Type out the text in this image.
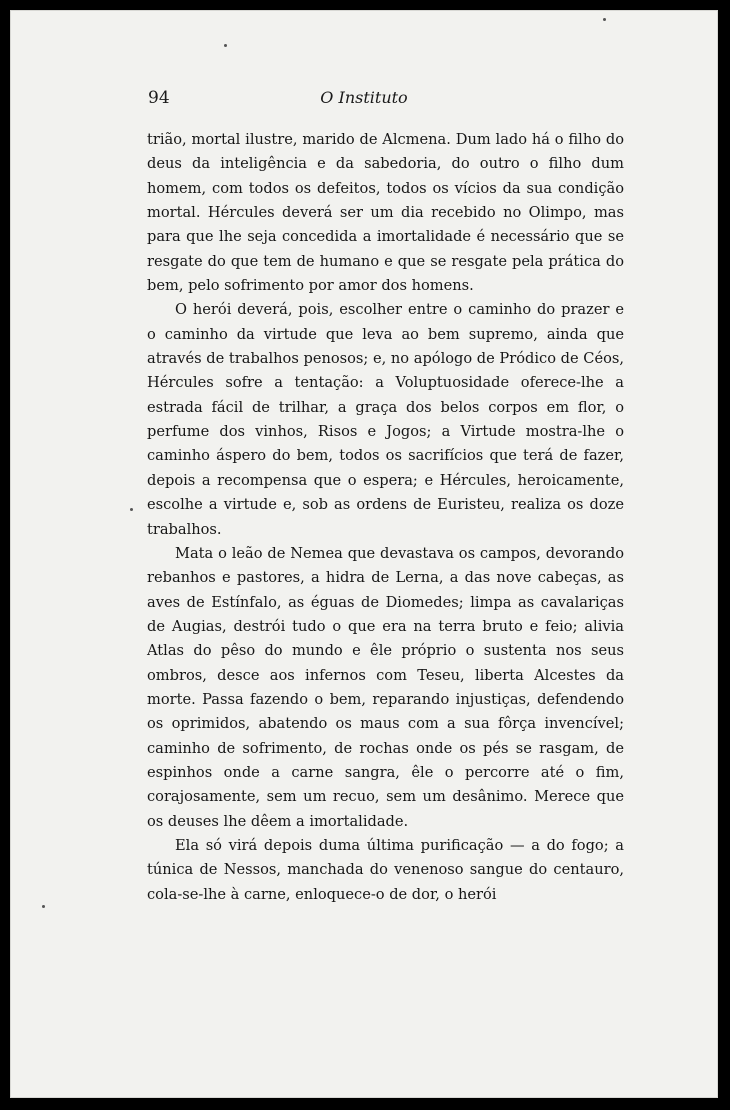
94	O Instituto

trião, mortal ilustre, marido de Alcmena. Dum lado há o filho do deus da inteligência e da sabedoria, do outro o filho dum homem, com todos os defeitos, todos os vícios da sua condição mortal. Hércules deverá ser um dia recebido no Olimpo, mas para que lhe seja concedida a imortalidade é necessário que se resgate do que tem de humano e que se resgate pela prática do bem, pelo sofrimento por amor dos homens.

O herói deverá, pois, escolher entre o caminho do prazer e o caminho da virtude que leva ao bem supremo, ainda que através de trabalhos penosos; e, no apólogo de Pródico de Céos, Hércules sofre a tentação: a Voluptuosidade oferece-lhe a estrada fácil de trilhar, a graça dos belos corpos em flor, o perfume dos vinhos, Risos e Jogos; a Virtude mostra-lhe o caminho áspero do bem, todos os sacrifícios que terá de fazer, depois a recompensa que o espera; e Hércules, heroicamente, escolhe a virtude e, sob as ordens de Euristeu, realiza os doze trabalhos.

Mata o leão de Nemea que devastava os campos, devorando rebanhos e pastores, a hidra de Lerna, a das nove cabeças, as aves de Estínfalo, as éguas de Diomedes; limpa as cavalariças de Augias, destrói tudo o que era na terra bruto e feio; alivia Atlas do pêso do mundo e êle próprio o sustenta nos seus ombros, desce aos infernos com Teseu, liberta Alcestes da morte. Passa fazendo o bem, reparando injustiças, defendendo os oprimidos, abatendo os maus com a sua fôrça invencível; caminho de sofrimento, de rochas onde os pés se rasgam, de espinhos onde a carne sangra, êle o percorre até o fim, corajosamente, sem um recuo, sem um desânimo. Merece que os deuses lhe dêem a imortalidade.

Ela só virá depois duma última purificação — a do fogo; a túnica de Nessos, manchada do venenoso sangue do centauro, cola-se-lhe à carne, enloquece-o de dor, o herói
